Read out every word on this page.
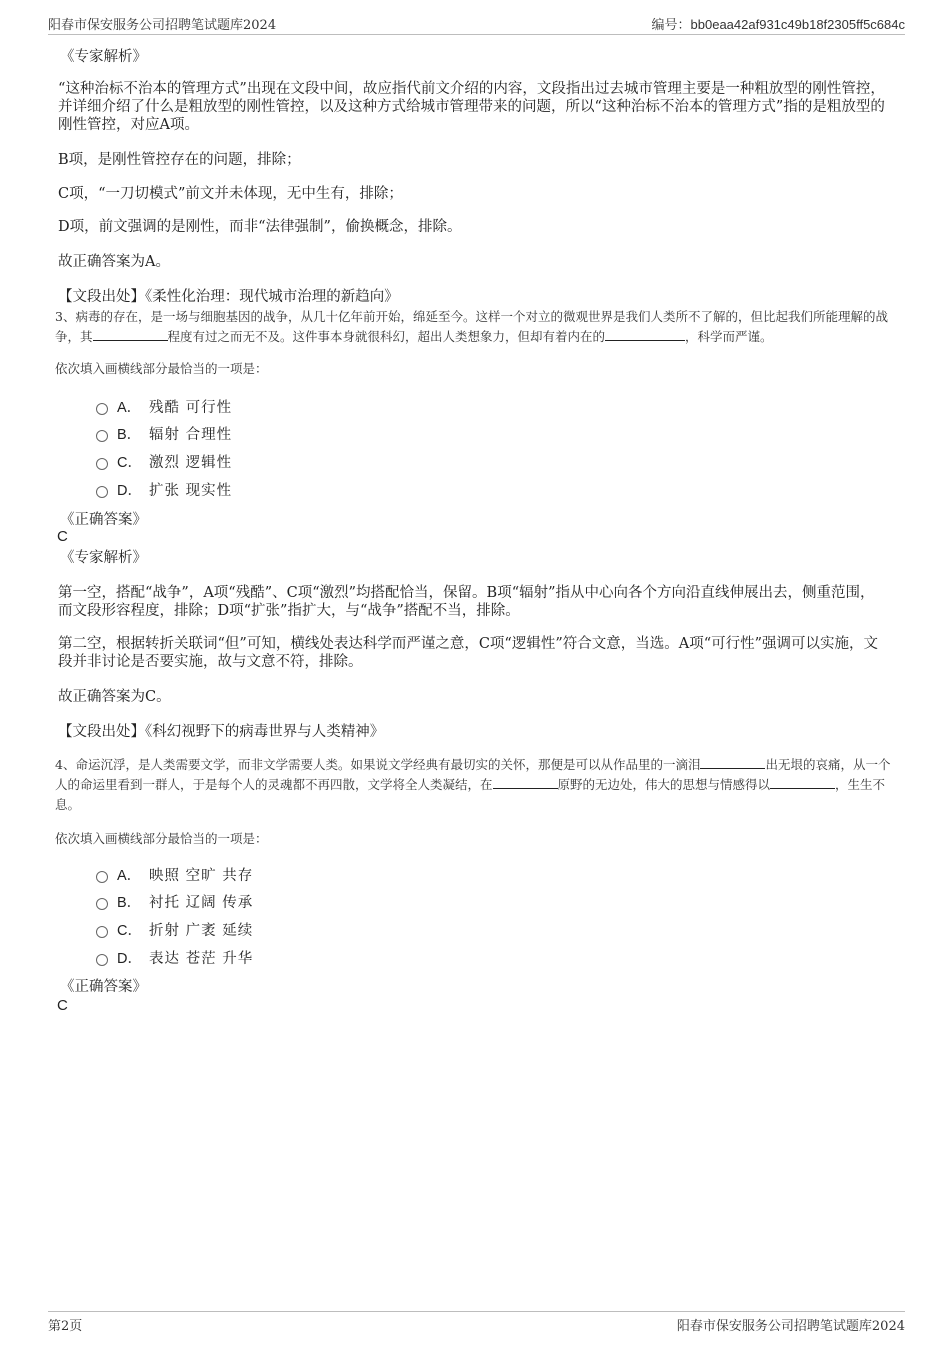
阳春市保安服务公司招聘笔试题库2024	编号：bb0eaa42af931c49b18f2305ff5c684c
《专家解析》
“这种治标不治本的管理方式”出现在文段中间，故应指代前文介绍的内容，文段指出过去城市管理主要是一种粗放型的刚性管控，并详细介绍了什么是粗放型的刚性管控，以及这种方式给城市管理带来的问题，所以“这种治标不治本的管理方式”指的是粗放型的刚性管控，对应A项。
B项，是刚性管控存在的问题，排除；
C项，“一刀切模式”前文并未体现，无中生有，排除；
D项，前文强调的是刚性，而非“法律强制”，偷换概念，排除。
故正确答案为A。
【文段出处】《柔性化治理：现代城市治理的新趋向》
3、病毒的存在，是一场与细胞基因的战争，从几十亿年前开始，绵延至今。这样一个对立的微观世界是我们人类所不了解的，但比起我们所能理解的战争，其	程度有过之而无不及。这件事本身就很科幻，超出人类想象力，但却有着内在的	，科学而严谨。
依次填入画横线部分最恰当的一项是：
A． 残酷 可行性
B． 辐射 合理性
C． 激烈 逻辑性
D． 扩张 现实性
《正确答案》
C
《专家解析》
第一空，搭配“战争”，A项“残酷”、C项“激烈”均搭配恰当，保留。B项“辐射”指从中心向各个方向沿直线伸展出去，侧重范围，而文段形容程度，排除；D项“扩张”指扩大，与“战争”搭配不当，排除。
第二空，根据转折关联词“但”可知，横线处表达科学而严谨之意，C项“逻辑性”符合文意，当选。A项“可行性”强调可以实施，文段并非讨论是否要实施，故与文意不符，排除。
故正确答案为C。
【文段出处】《科幻视野下的病毒世界与人类精神》
4、命运沉浮，是人类需要文学，而非文学需要人类。如果说文学经典有最切实的关怀，那便是可以从作品里的一滴泪	出无垠的哀痛，从一个人的命运里看到一群人，于是每个人的灵魂都不再四散，文学将全人类凝结，在	原野的无边处，伟大的思想与情感得以	，生生不息。
依次填入画横线部分最恰当的一项是：
A． 映照 空旷 共存
B． 衬托 辽阔 传承
C． 折射 广袤 延续
D． 表达 苍茫 升华
《正确答案》
C
第2页	阳春市保安服务公司招聘笔试题库2024
